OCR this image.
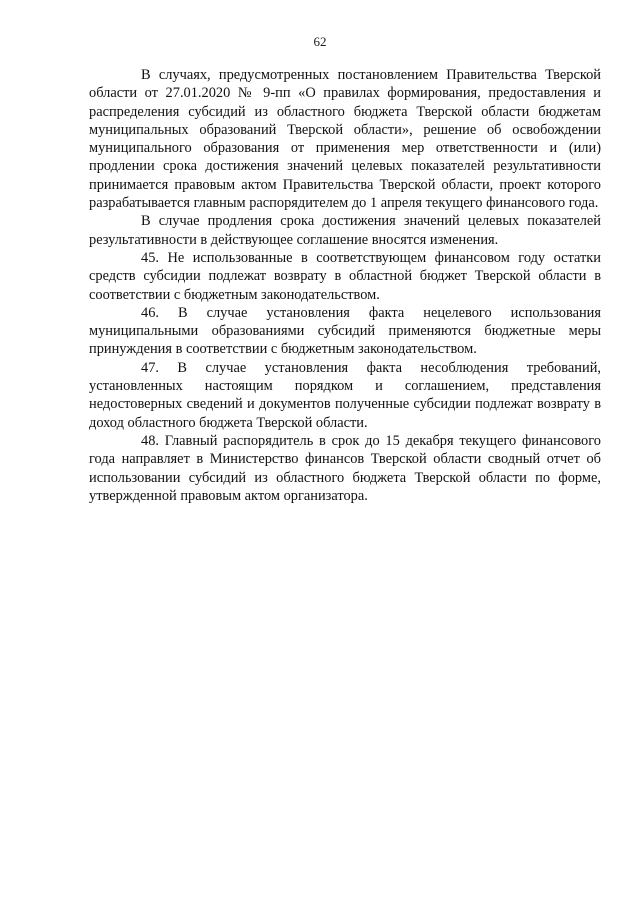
62

В случаях, предусмотренных постановлением Правительства Тверской области от 27.01.2020 № 9-пп «О правилах формирования, предоставления и распределения субсидий из областного бюджета Тверской области бюджетам муниципальных образований Тверской области», решение об освобождении муниципального образования от применения мер ответственности и (или) продлении срока достижения значений целевых показателей результативности принимается правовым актом Правительства Тверской области, проект которого разрабатывается главным распорядителем до 1 апреля текущего финансового года.

В случае продления срока достижения значений целевых показателей результативности в действующее соглашение вносятся изменения.

45. Не использованные в соответствующем финансовом году остатки средств субсидии подлежат возврату в областной бюджет Тверской области в соответствии с бюджетным законодательством.

46. В случае установления факта нецелевого использования муниципальными образованиями субсидий применяются бюджетные меры принуждения в соответствии с бюджетным законодательством.

47. В случае установления факта несоблюдения требований, установленных настоящим порядком и соглашением, представления недостоверных сведений и документов полученные субсидии подлежат возврату в доход областного бюджета Тверской области.

48. Главный распорядитель в срок до 15 декабря текущего финансового года направляет в Министерство финансов Тверской области сводный отчет об использовании субсидий из областного бюджета Тверской области по форме, утвержденной правовым актом организатора.
